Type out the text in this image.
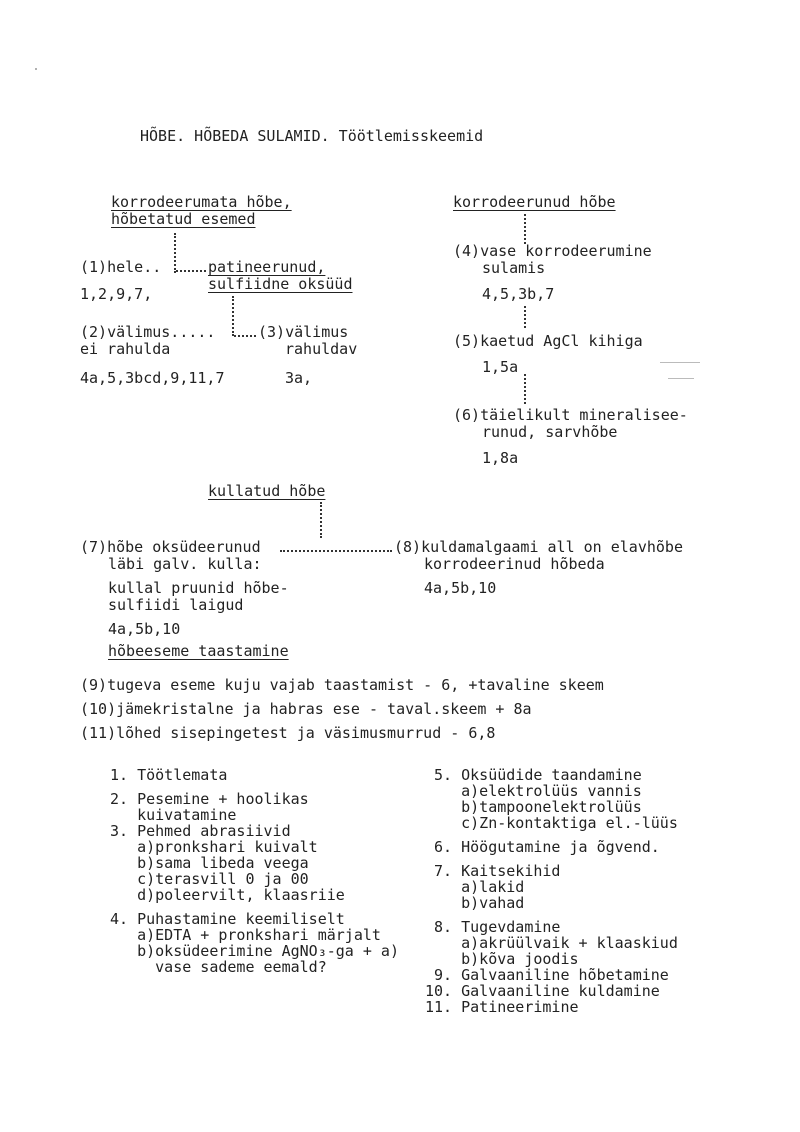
HÕBE. HÕBEDA SULAMID. Töötlemisskeemid
korrodeerumata hõbe,
hõbetatud esemed
(1)hele..	patineerunud,
sulfiidne oksüüd
1,2,9,7,
(2)välimus.....
ei rahulda
4a,5,3bcd,9,11,7
(3)välimus
rahuldav
3a,
korrodeerunud hõbe
(4)vase korrodeerumine
sulamis
4,5,3b,7
(5)kaetud AgCl kihiga
1,5a
(6)täielikult mineralisee-
runud, sarvhõbe
1,8a
kullatud hõbe
(7)hõbe oksüdeerunud
läbi galv. kulla:
kullal pruunid hõbe-
sulfiidi laigud
4a,5b,10
(8)kuldamalgaami all on elavhõbe
korrodeerinud hõbeda
4a,5b,10
hõbeeseme taastamine
(9)tugeva eseme kuju vajab taastamist - 6, +tavaline skeem
(10)jämekristalne ja habras ese - taval.skeem + 8a
(11)lõhed sisepingetest ja väsimusmurrud - 6,8
1. Töötlemata
2. Pesemine + hoolikas
kuivatamine
3. Pehmed abrasiivid
a)pronkshari kuivalt
b)sama libeda veega
c)terasvill 0 ja 00
d)poleervilt, klaasriie
4. Puhastamine keemiliselt
a)EDTA + pronkshari märjalt
b)oksüdeerimine AgNO₃-ga + a)
vase sademe eemald?
5. Oksüüdide taandamine
a)elektrolüüs vannis
b)tampoonelektrolüüs
c)Zn-kontaktiga el.-lüüs
6. Höögutamine ja õgvend.
7. Kaitsekihid
a)lakid
b)vahad
8. Tugevdamine
a)akrüülvaik + klaaskiud
b)kõva joodis
9. Galvaaniline hõbetamine
10. Galvaaniline kuldamine
11. Patineerimine
